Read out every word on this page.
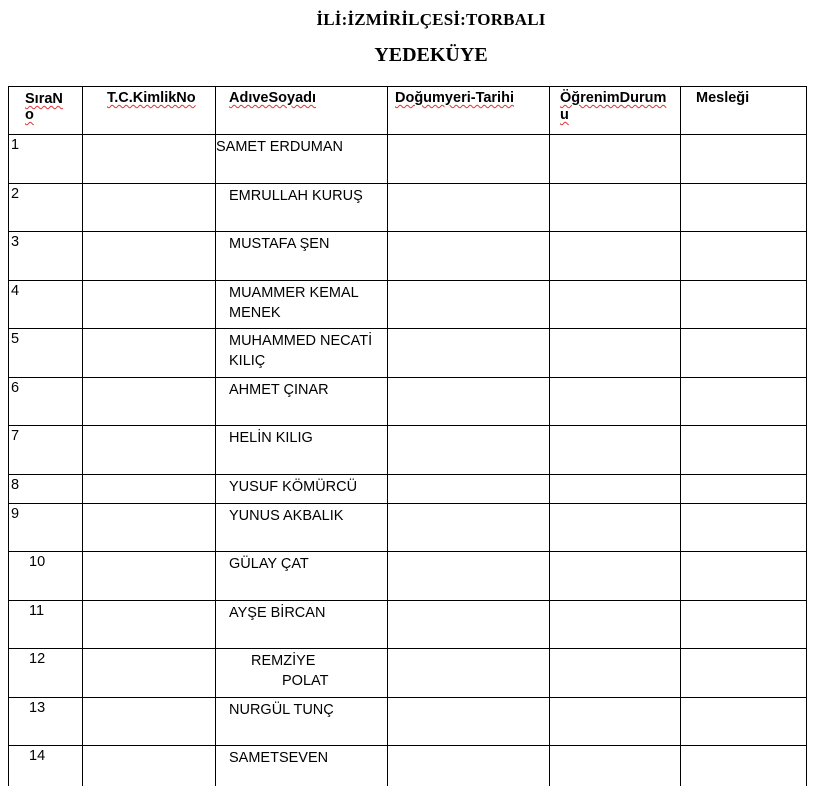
İLİ:İZMİRİLÇESİ:TORBALI
YEDEKÜYE
SıraNo	T.C.KimlikNo	AdıveSoyadı	Doğumyeri-Tarihi	ÖğrenimDurumu	Mesleği

1		SAMET ERDUMAN			

2		EMRULLAH KURUŞ			

3		MUSTAFA ŞEN			

4		MUAMMER KEMAL MENEK			

5		MUHAMMED NECATİ KILIÇ			

6		AHMET ÇINAR			

7		HELİN KILIG			

8		YUSUF KÖMÜRCÜ			

9		YUNUS AKBALIK			

10		GÜLAY ÇAT			

11		AYŞE BİRCAN			

12		REMZİYE
POLAT			

13		NURGÜL TUNÇ			

14		SAMETSEVEN			
